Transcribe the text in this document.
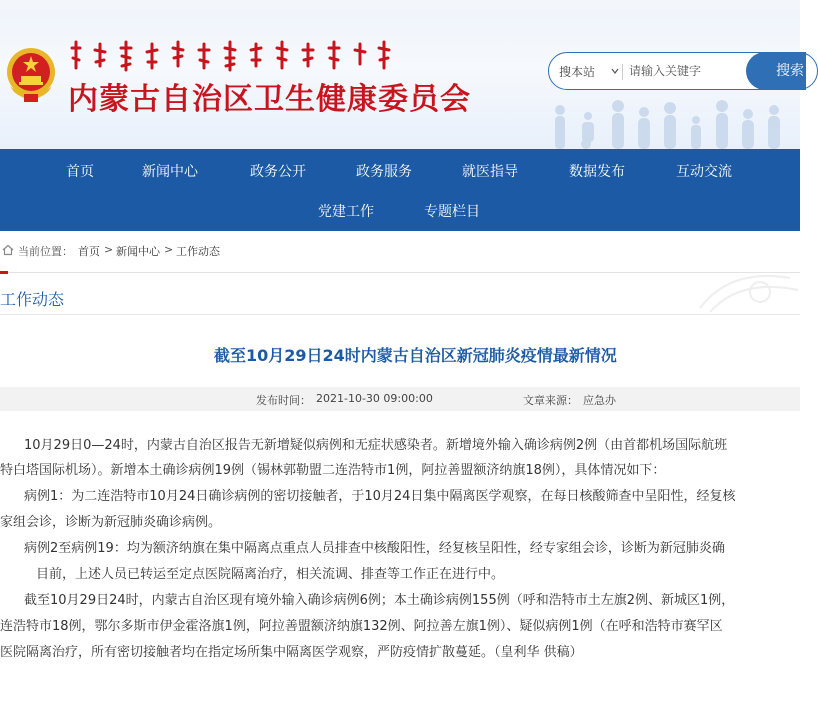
内蒙古自治区卫生健康委员会
搜本站
请输入关键字	搜索
首页	新闻中心	政务公开	政务服务	就医指导	数据发布	互动交流
党建工作	专题栏目
当前位置： 首页 > 新闻中心 > 工作动态
工作动态
截至10月29日24时内蒙古自治区新冠肺炎疫情最新情况
发布时间： 2021-10-30 09:00:00	文章来源： 应急办
10月29日0—24时，内蒙古自治区报告无新增疑似病例和无症状感染者。新增境外输入确诊病例2例（由首都机场国际航班
特白塔国际机场）。新增本土确诊病例19例（锡林郭勒盟二连浩特市1例，阿拉善盟额济纳旗18例），具体情况如下：
病例1：为二连浩特市10月24日确诊病例的密切接触者，于10月24日集中隔离医学观察，在每日核酸筛查中呈阳性，经复核
家组会诊，诊断为新冠肺炎确诊病例。
病例2至病例19：均为额济纳旗在集中隔离点重点人员排查中核酸阳性，经复核呈阳性，经专家组会诊，诊断为新冠肺炎确
目前，上述人员已转运至定点医院隔离治疗，相关流调、排查等工作正在进行中。
截至10月29日24时，内蒙古自治区现有境外输入确诊病例6例；本土确诊病例155例（呼和浩特市土左旗2例、新城区1例，
连浩特市18例，鄂尔多斯市伊金霍洛旗1例，阿拉善盟额济纳旗132例、阿拉善左旗1例）、疑似病例1例（在呼和浩特市赛罕区
医院隔离治疗，所有密切接触者均在指定场所集中隔离医学观察，严防疫情扩散蔓延。（皇利华 供稿）
